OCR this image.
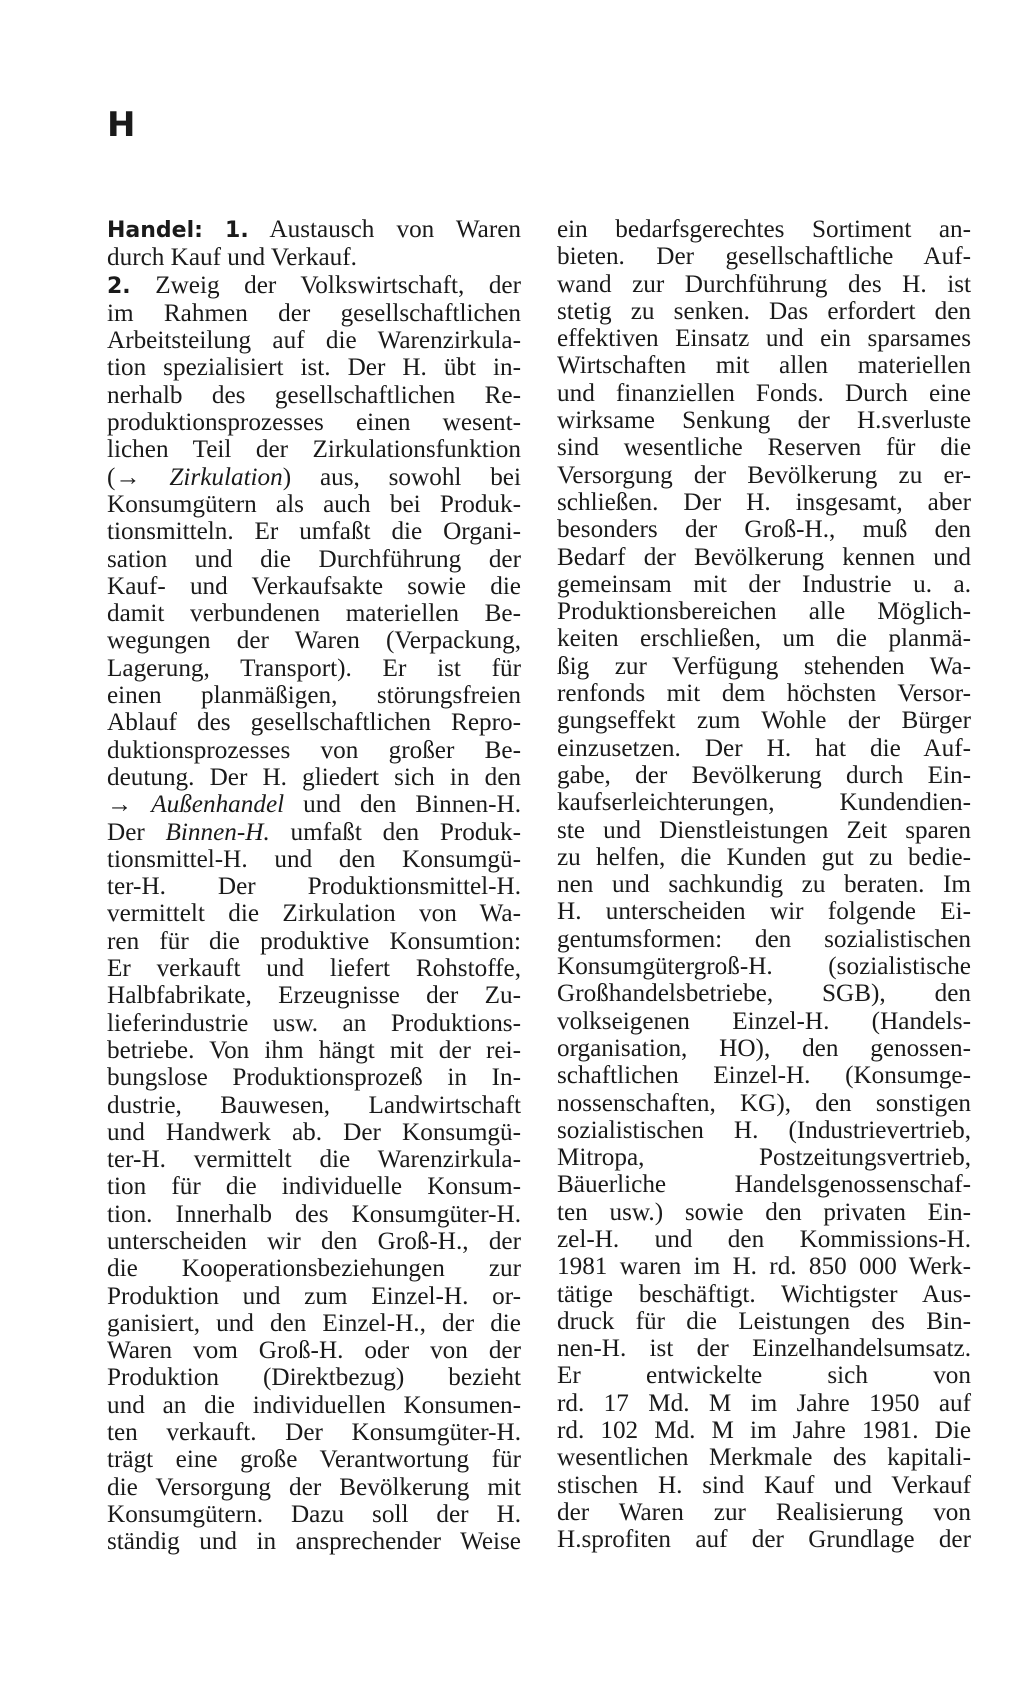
H
Handel: 1. Austausch von Waren
durch Kauf und Verkauf.
2. Zweig der Volkswirtschaft, der
im Rahmen der gesellschaftlichen
Arbeitsteilung auf die Warenzirkula-
tion spezialisiert ist. Der H. übt in-
nerhalb des gesellschaftlichen Re-
produktionsprozesses einen wesent-
lichen Teil der Zirkulationsfunktion
(→ Zirkulation) aus, sowohl bei
Konsumgütern als auch bei Produk-
tionsmitteln. Er umfaßt die Organi-
sation und die Durchführung der
Kauf- und Verkaufsakte sowie die
damit verbundenen materiellen Be-
wegungen der Waren (Verpackung,
Lagerung, Transport). Er ist für
einen planmäßigen, störungsfreien
Ablauf des gesellschaftlichen Repro-
duktionsprozesses von großer Be-
deutung. Der H. gliedert sich in den
→ Außenhandel und den Binnen-H.
Der Binnen-H. umfaßt den Produk-
tionsmittel-H. und den Konsumgü-
ter-H. Der Produktionsmittel-H.
vermittelt die Zirkulation von Wa-
ren für die produktive Konsumtion:
Er verkauft und liefert Rohstoffe,
Halbfabrikate, Erzeugnisse der Zu-
lieferindustrie usw. an Produktions-
betriebe. Von ihm hängt mit der rei-
bungslose Produktionsprozeß in In-
dustrie, Bauwesen, Landwirtschaft
und Handwerk ab. Der Konsumgü-
ter-H. vermittelt die Warenzirkula-
tion für die individuelle Konsum-
tion. Innerhalb des Konsumgüter-H.
unterscheiden wir den Groß-H., der
die Kooperationsbeziehungen zur
Produktion und zum Einzel-H. or-
ganisiert, und den Einzel-H., der die
Waren vom Groß-H. oder von der
Produktion (Direktbezug) bezieht
und an die individuellen Konsumen-
ten verkauft. Der Konsumgüter-H.
trägt eine große Verantwortung für
die Versorgung der Bevölkerung mit
Konsumgütern. Dazu soll der H.
ständig und in ansprechender Weise
ein bedarfsgerechtes Sortiment an-
bieten. Der gesellschaftliche Auf-
wand zur Durchführung des H. ist
stetig zu senken. Das erfordert den
effektiven Einsatz und ein sparsames
Wirtschaften mit allen materiellen
und finanziellen Fonds. Durch eine
wirksame Senkung der H.sverluste
sind wesentliche Reserven für die
Versorgung der Bevölkerung zu er-
schließen. Der H. insgesamt, aber
besonders der Groß-H., muß den
Bedarf der Bevölkerung kennen und
gemeinsam mit der Industrie u. a.
Produktionsbereichen alle Möglich-
keiten erschließen, um die planmä-
ßig zur Verfügung stehenden Wa-
renfonds mit dem höchsten Versor-
gungseffekt zum Wohle der Bürger
einzusetzen. Der H. hat die Auf-
gabe, der Bevölkerung durch Ein-
kaufserleichterungen, Kundendien-
ste und Dienstleistungen Zeit sparen
zu helfen, die Kunden gut zu bedie-
nen und sachkundig zu beraten. Im
H. unterscheiden wir folgende Ei-
gentumsformen: den sozialistischen
Konsumgütergroß-H. (sozialistische
Großhandelsbetriebe, SGB), den
volkseigenen Einzel-H. (Handels-
organisation, HO), den genossen-
schaftlichen Einzel-H. (Konsumge-
nossenschaften, KG), den sonstigen
sozialistischen H. (Industrievertrieb,
Mitropa, Postzeitungsvertrieb,
Bäuerliche Handelsgenossenschaf-
ten usw.) sowie den privaten Ein-
zel-H. und den Kommissions-H.
1981 waren im H. rd. 850 000 Werk-
tätige beschäftigt. Wichtigster Aus-
druck für die Leistungen des Bin-
nen-H. ist der Einzelhandelsumsatz.
Er entwickelte sich von
rd. 17 Md. M im Jahre 1950 auf
rd. 102 Md. M im Jahre 1981. Die
wesentlichen Merkmale des kapitali-
stischen H. sind Kauf und Verkauf
der Waren zur Realisierung von
H.sprofiten auf der Grundlage der
